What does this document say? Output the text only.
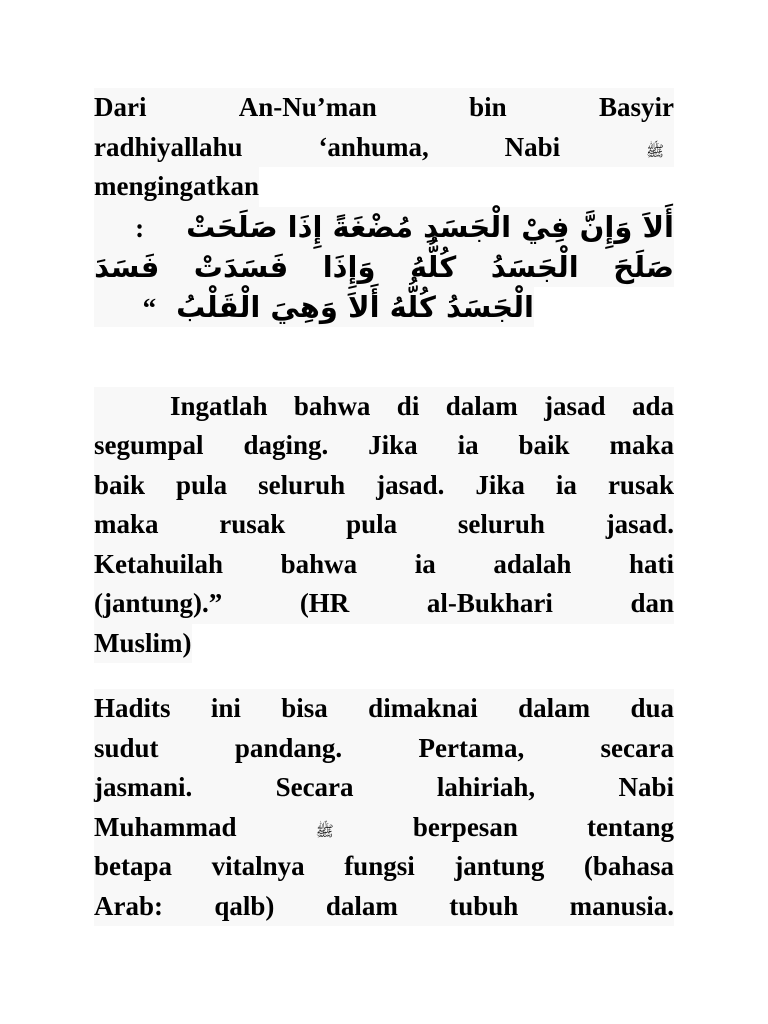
Dari	An-Nu’man	bin	Basyir
radhiyallahu	‘anhuma,	Nabi	ﷺ
mengingatkan
أَلاَ وَإِنَّ فِيْ الْجَسَدِ مُضْغَةً إِذَا صَلَحَتْ
:
صَلَحَ
الْجَسَدُ
كُلُّهُ
وَإِذَا
فَسَدَتْ
فَسَدَ
الْجَسَدُ كُلُّهُ أَلاَ وَهِيَ الْقَلْبُ
“
Ingatlah bahwa di dalam jasad ada
segumpal daging. Jika ia baik maka
baik pula seluruh jasad. Jika ia rusak
maka rusak pula seluruh jasad.
Ketahuilah bahwa ia adalah hati
(jantung).”	(HR	al-Bukhari	dan
Muslim)
Hadits ini bisa dimaknai dalam dua
sudut	pandang.	Pertama,	secara
jasmani.	Secara	lahiriah,	Nabi
Muhammad	ﷺ	berpesan	tentang
betapa vitalnya fungsi jantung (bahasa
Arab: qalb) dalam tubuh manusia.
